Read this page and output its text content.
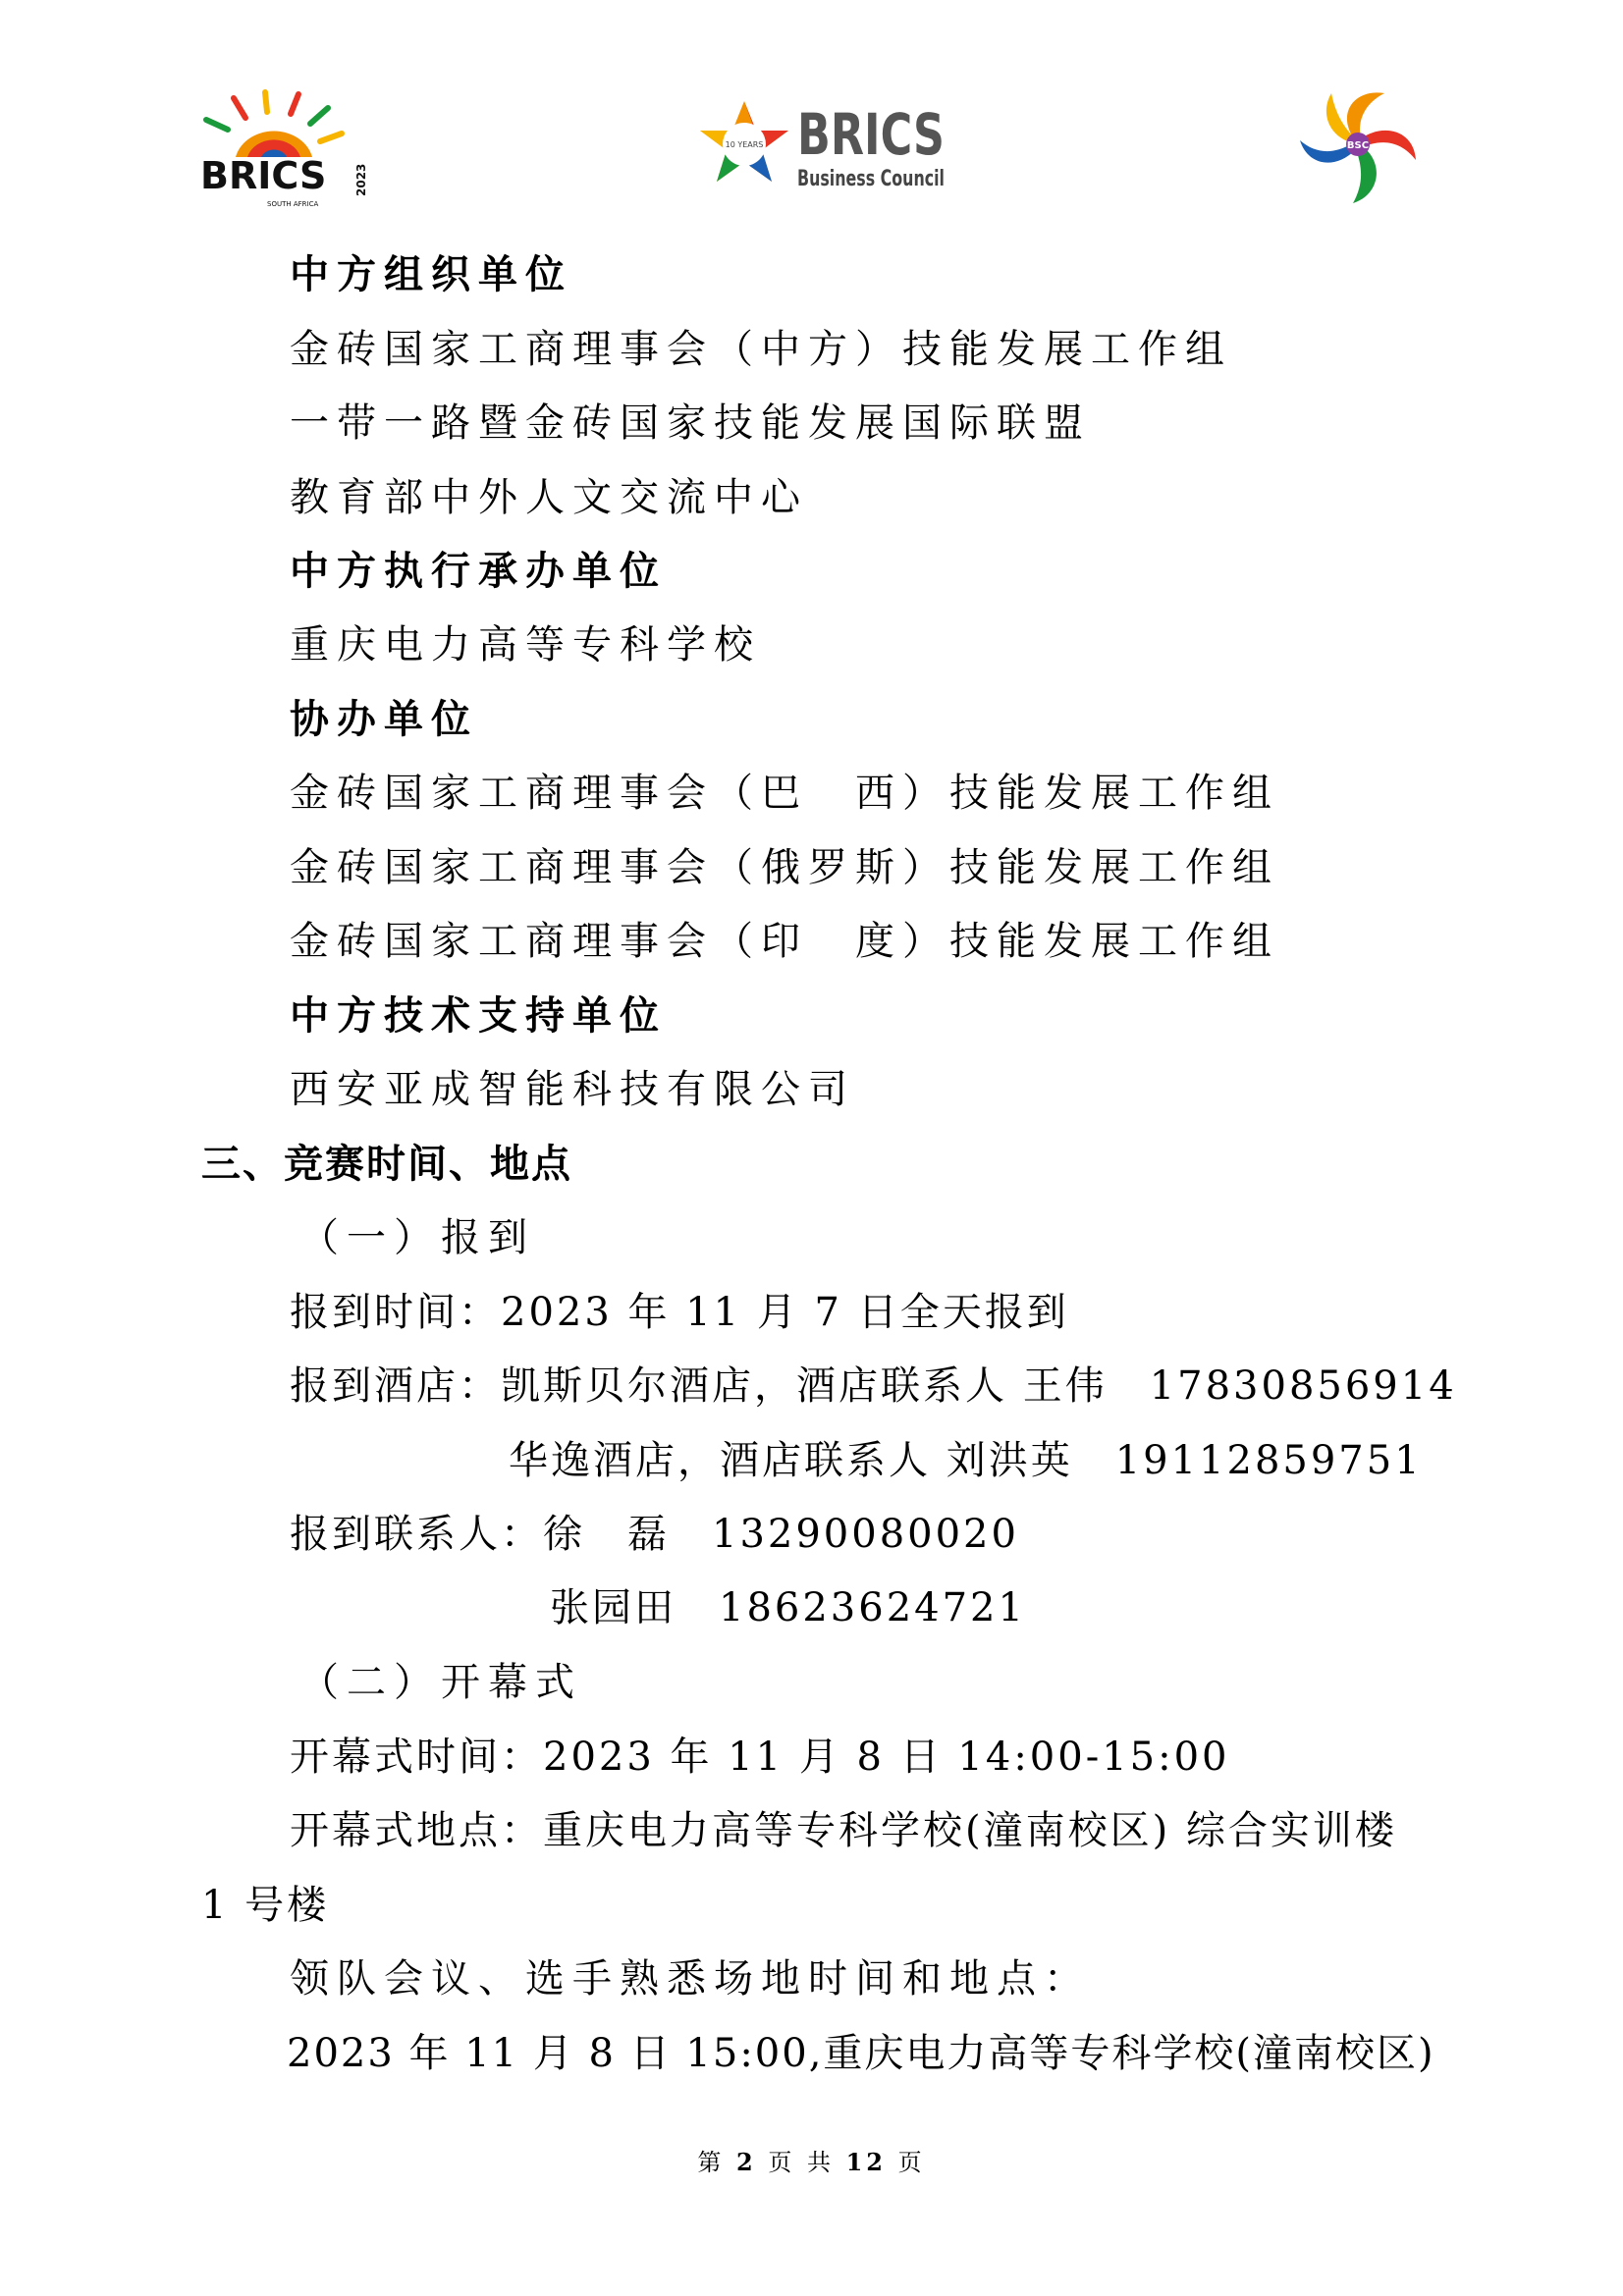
BRICS 2023
SOUTH AFRICA
10 YEARS BRICS
Business Council
BSC
中方组织单位
金砖国家工商理事会（中方）技能发展工作组
一带一路暨金砖国家技能发展国际联盟
教育部中外人文交流中心
中方执行承办单位
重庆电力高等专科学校
协办单位
金砖国家工商理事会（巴　西）技能发展工作组
金砖国家工商理事会（俄罗斯）技能发展工作组
金砖国家工商理事会（印　度）技能发展工作组
中方技术支持单位
西安亚成智能科技有限公司
三、竞赛时间、地点
（一）报到
报到时间：2023 年 11 月 7 日全天报到
报到酒店：凯斯贝尔酒店，酒店联系人 王伟　17830856914
华逸酒店，酒店联系人 刘洪英　19112859751
报到联系人：徐　磊　13290080020
张园田　18623624721
（二）开幕式
开幕式时间：2023 年 11 月 8 日 14:00-15:00
开幕式地点：重庆电力高等专科学校(潼南校区) 综合实训楼
1 号楼
领队会议、选手熟悉场地时间和地点：
2023 年 11 月 8 日 15:00,重庆电力高等专科学校(潼南校区)
第 2 页 共 12 页
